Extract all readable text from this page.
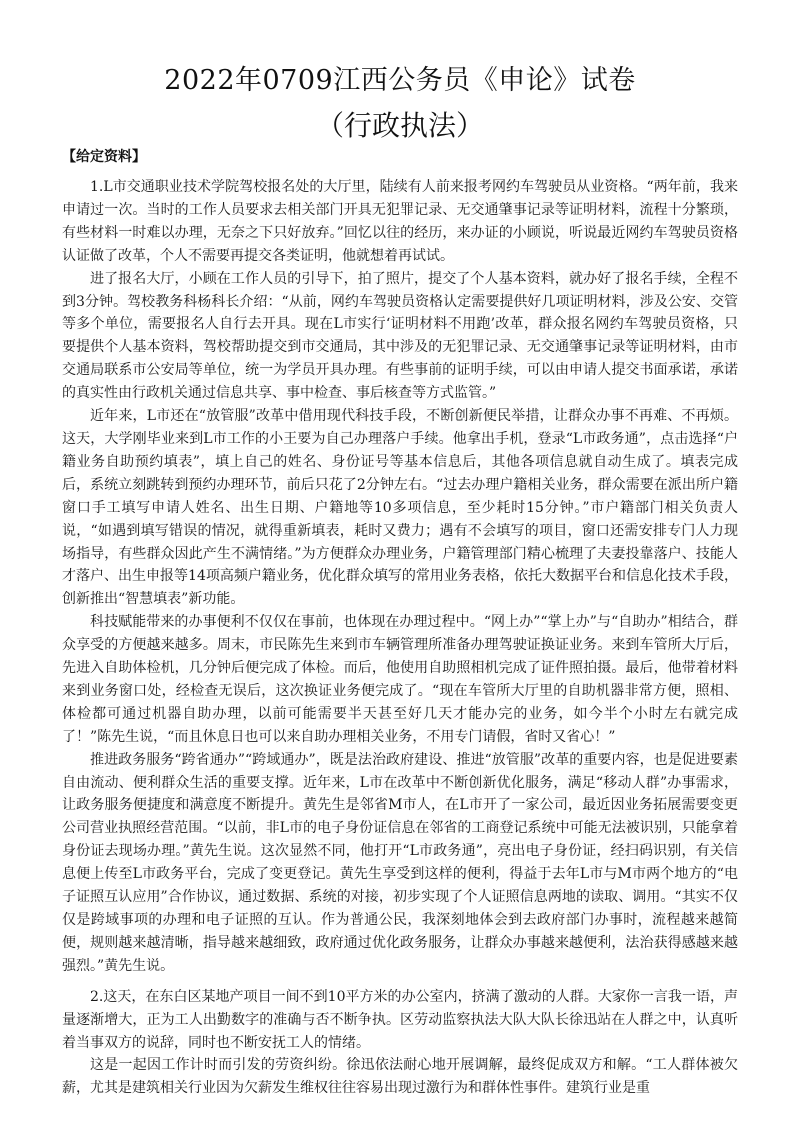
2022年0709江西公务员《申论》试卷
（行政执法）
【给定资料】

1.L市交通职业技术学院驾校报名处的大厅里，陆续有人前来报考网约车驾驶员从业资格。“两年前，我来申请过一次。当时的工作人员要求去相关部门开具无犯罪记录、无交通肇事记录等证明材料，流程十分繁琐，有些材料一时难以办理，无奈之下只好放弃。”回忆以往的经历，来办证的小顾说，听说最近网约车驾驶员资格认证做了改革，个人不需要再提交各类证明，他就想着再试试。

进了报名大厅，小顾在工作人员的引导下，拍了照片，提交了个人基本资料，就办好了报名手续，全程不到3分钟。驾校教务科杨科长介绍：“从前，网约车驾驶员资格认定需要提供好几项证明材料，涉及公安、交管等多个单位，需要报名人自行去开具。现在L市实行‘证明材料不用跑’改革，群众报名网约车驾驶员资格，只要提供个人基本资料，驾校帮助提交到市交通局，其中涉及的无犯罪记录、无交通肇事记录等证明材料，由市交通局联系市公安局等单位，统一为学员开具办理。有些事前的证明手续，可以由申请人提交书面承诺，承诺的真实性由行政机关通过信息共享、事中检查、事后核查等方式监管。”

近年来，L市还在“放管服”改革中借用现代科技手段，不断创新便民举措，让群众办事不再难、不再烦。这天，大学刚毕业来到L市工作的小王要为自己办理落户手续。他拿出手机，登录“L市政务通”，点击选择“户籍业务自助预约填表”，填上自己的姓名、身份证号等基本信息后，其他各项信息就自动生成了。填表完成后，系统立刻跳转到预约办理环节，前后只花了2分钟左右。“过去办理户籍相关业务，群众需要在派出所户籍窗口手工填写申请人姓名、出生日期、户籍地等10多项信息，至少耗时15分钟。”市户籍部门相关负责人说，“如遇到填写错误的情况，就得重新填表，耗时又费力；遇有不会填写的项目，窗口还需安排专门人力现场指导，有些群众因此产生不满情绪。”为方便群众办理业务，户籍管理部门精心梳理了夫妻投靠落户、技能人才落户、出生申报等14项高频户籍业务，优化群众填写的常用业务表格，依托大数据平台和信息化技术手段，创新推出“智慧填表”新功能。

科技赋能带来的办事便利不仅仅在事前，也体现在办理过程中。“网上办”“掌上办”与“自助办”相结合，群众享受的方便越来越多。周末，市民陈先生来到市车辆管理所准备办理驾驶证换证业务。来到车管所大厅后，先进入自助体检机，几分钟后便完成了体检。而后，他使用自助照相机完成了证件照拍摄。最后，他带着材料来到业务窗口处，经检查无误后，这次换证业务便完成了。“现在车管所大厅里的自助机器非常方便，照相、体检都可通过机器自助办理，以前可能需要半天甚至好几天才能办完的业务，如今半个小时左右就完成了！”陈先生说，“而且休息日也可以来自助办理相关业务，不用专门请假，省时又省心！”

推进政务服务“跨省通办”“跨域通办”，既是法治政府建设、推进“放管服”改革的重要内容，也是促进要素自由流动、便利群众生活的重要支撑。近年来，L市在改革中不断创新优化服务，满足“移动人群”办事需求，让政务服务便捷度和满意度不断提升。黄先生是邻省M市人，在L市开了一家公司，最近因业务拓展需要变更公司营业执照经营范围。“以前，非L市的电子身份证信息在邻省的工商登记系统中可能无法被识别，只能拿着身份证去现场办理。”黄先生说。这次显然不同，他打开“L市政务通”，亮出电子身份证，经扫码识别，有关信息便上传至L市政务平台，完成了变更登记。黄先生享受到这样的便利，得益于去年L市与M市两个地方的“电子证照互认应用”合作协议，通过数据、系统的对接，初步实现了个人证照信息两地的读取、调用。“其实不仅仅是跨域事项的办理和电子证照的互认。作为普通公民，我深刻地体会到去政府部门办事时，流程越来越简便，规则越来越清晰，指导越来越细致，政府通过优化政务服务，让群众办事越来越便利，法治获得感越来越强烈。”黄先生说。

2.这天，在东白区某地产项目一间不到10平方米的办公室内，挤满了激动的人群。大家你一言我一语，声量逐渐增大，正为工人出勤数字的准确与否不断争执。区劳动监察执法大队大队长徐迅站在人群之中，认真听着当事双方的说辞，同时也不断安抚工人的情绪。

这是一起因工作计时而引发的劳资纠纷。徐迅依法耐心地开展调解，最终促成双方和解。“工人群体被欠薪，尤其是建筑相关行业因为欠薪发生维权往往容易出现过激行为和群体性事件。建筑行业是重
